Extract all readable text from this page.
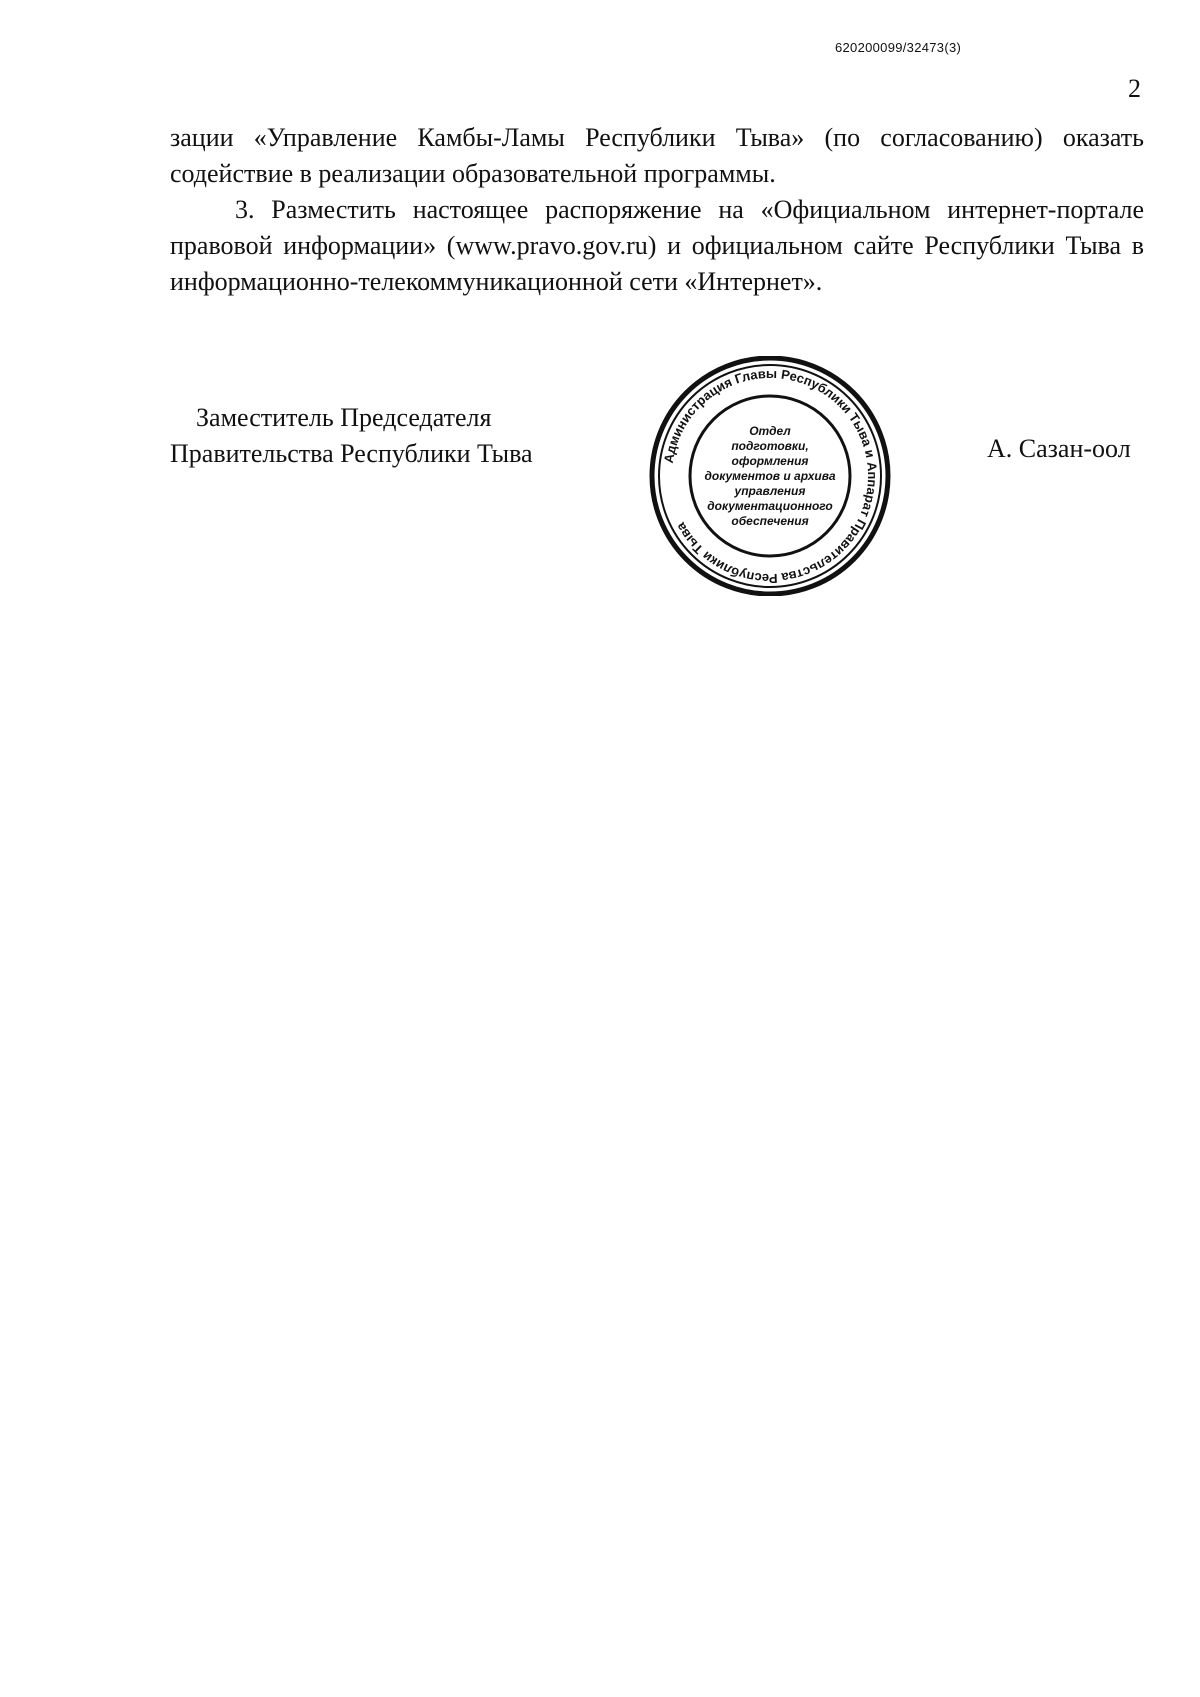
620200099/32473(3)
2

зации «Управление Камбы-Ламы Республики Тыва» (по согласованию) оказать содействие в реализации образовательной программы.

3. Разместить настоящее распоряжение на «Официальном интернет-портале правовой информации» (www.pravo.gov.ru) и официальном сайте Республики Тыва в информационно-телекоммуникационной сети «Интернет».

Заместитель Председателя
Правительства Республики Тыва	Администрация Главы Республики Тыва и Аппарат Правительства Республики Тыва
Отдел
подготовки,
оформления
документов и архива
управления
документационного
обеспечения
А. Сазан-оол
